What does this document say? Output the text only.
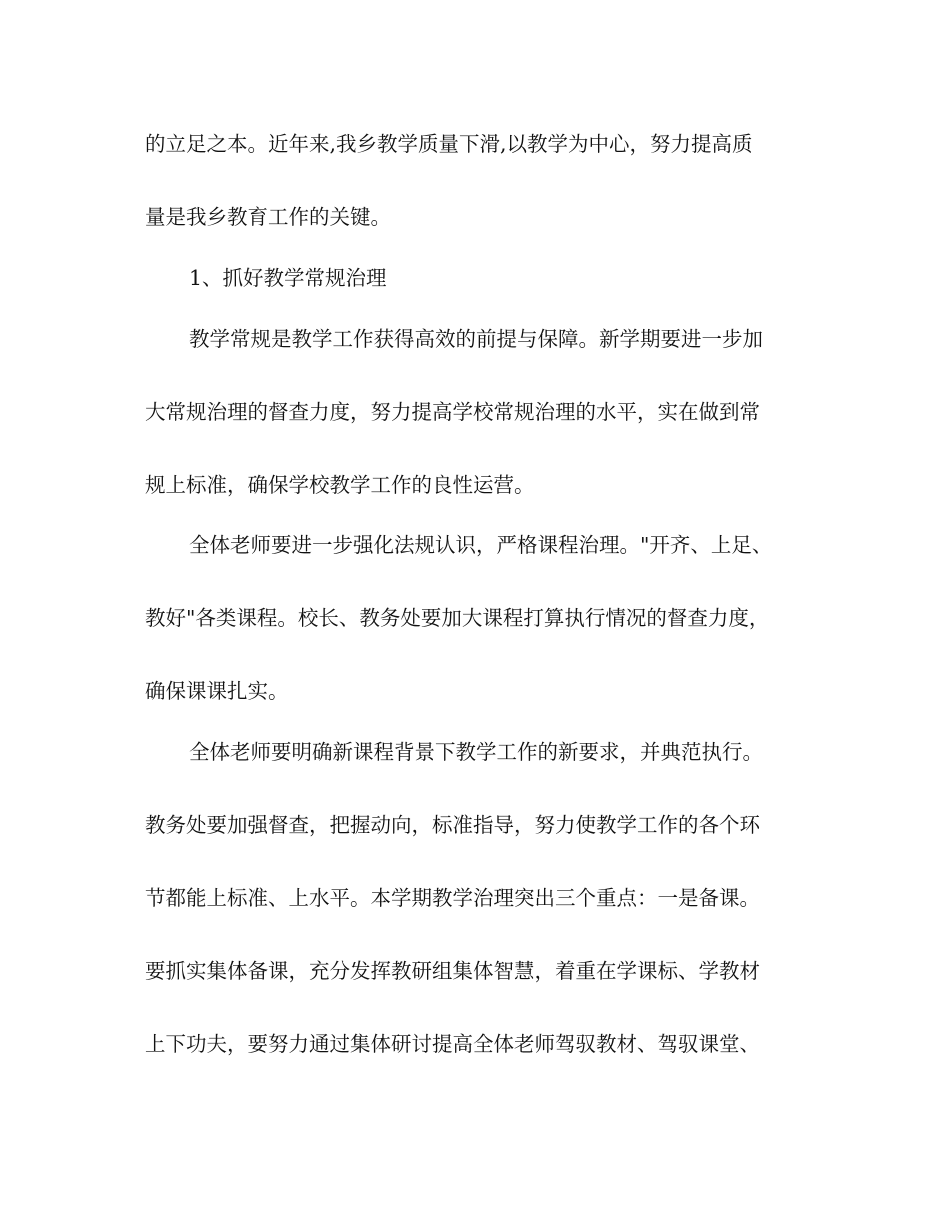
的立足之本。近年来,我乡教学质量下滑,以教学为中心，努力提高质
量是我乡教育工作的关键。
1、抓好教学常规治理
教学常规是教学工作获得高效的前提与保障。新学期要进一步加
大常规治理的督查力度，努力提高学校常规治理的水平，实在做到常
规上标准，确保学校教学工作的良性运营。
全体老师要进一步强化法规认识，严格课程治理。"开齐、上足、
教好"各类课程。校长、教务处要加大课程打算执行情况的督查力度，
确保课课扎实。
全体老师要明确新课程背景下教学工作的新要求，并典范执行。
教务处要加强督查，把握动向，标准指导，努力使教学工作的各个环
节都能上标准、上水平。本学期教学治理突出三个重点：一是备课。
要抓实集体备课，充分发挥教研组集体智慧，着重在学课标、学教材
上下功夫，要努力通过集体研讨提高全体老师驾驭教材、驾驭课堂、
